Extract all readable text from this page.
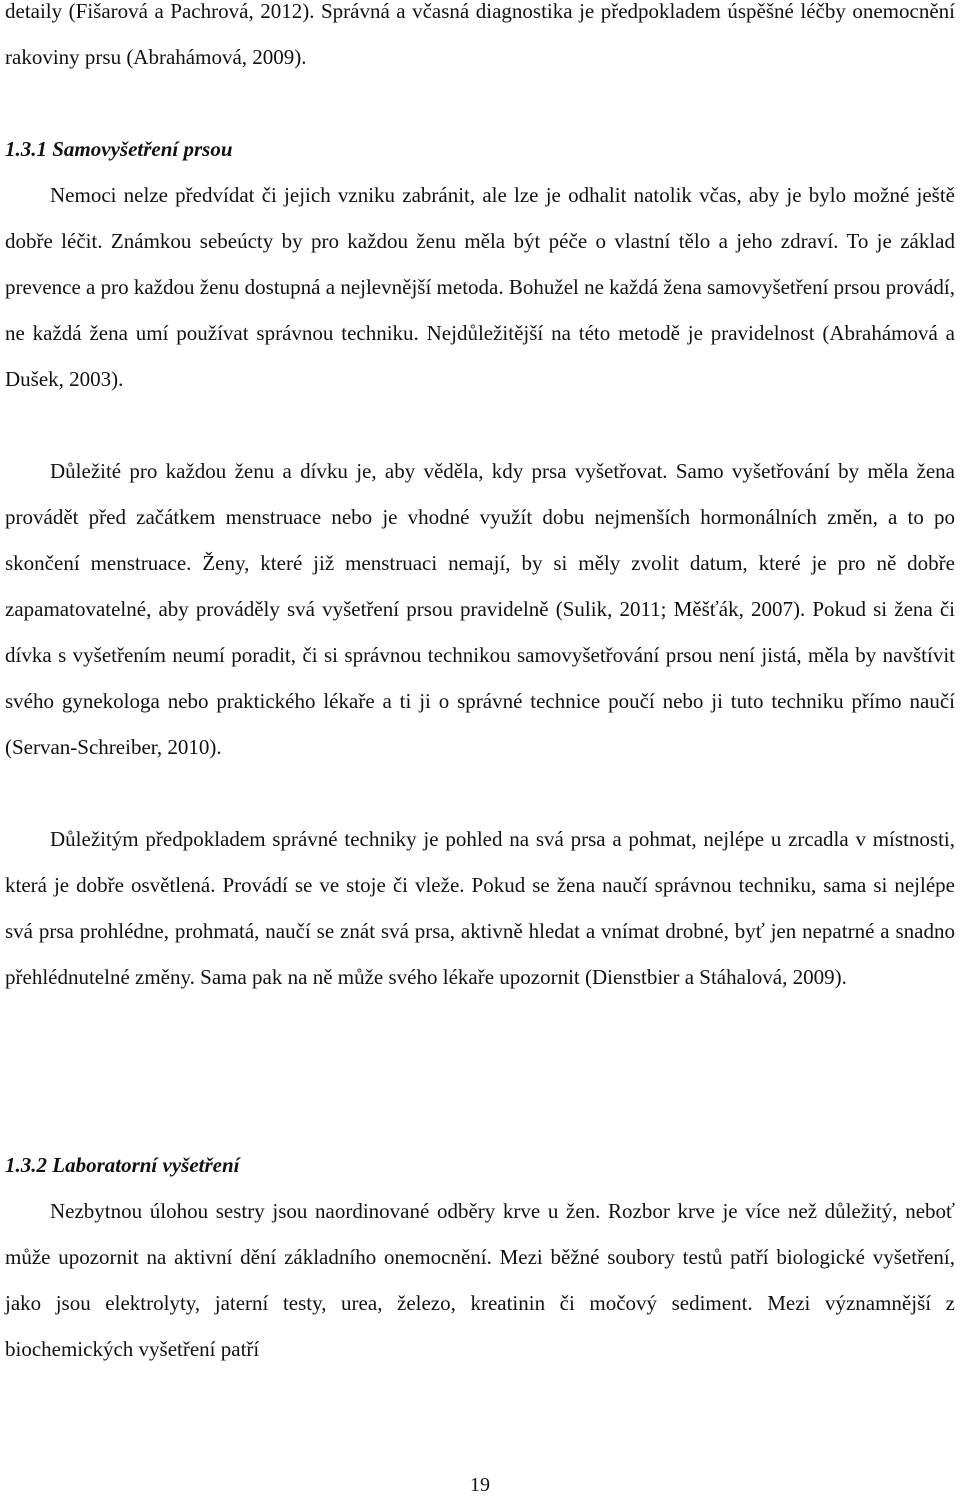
detaily (Fišarová a Pachrová, 2012). Správná a včasná diagnostika je předpokladem úspěšné léčby onemocnění rakoviny prsu (Abrahámová, 2009).

1.3.1 Samovyšetření prsou

Nemoci nelze předvídat či jejich vzniku zabránit, ale lze je odhalit natolik včas, aby je bylo možné ještě dobře léčit. Známkou sebeúcty by pro každou ženu měla být péče o vlastní tělo a jeho zdraví. To je základ prevence a pro každou ženu dostupná a nejlevnější metoda. Bohužel ne každá žena samovyšetření prsou provádí, ne každá žena umí používat správnou techniku. Nejdůležitější na této metodě je pravidelnost (Abrahámová a Dušek, 2003).

Důležité pro každou ženu a dívku je, aby věděla, kdy prsa vyšetřovat. Samo vyšetřování by měla žena provádět před začátkem menstruace nebo je vhodné využít dobu nejmenších hormonálních změn, a to po skončení menstruace. Ženy, které již menstruaci nemají, by si měly zvolit datum, které je pro ně dobře zapamatovatelné, aby prováděly svá vyšetření prsou pravidelně (Sulik, 2011; Měšťák, 2007). Pokud si žena či dívka s vyšetřením neumí poradit, či si správnou technikou samovyšetřování prsou není jistá, měla by navštívit svého gynekologa nebo praktického lékaře a ti ji o správné technice poučí nebo ji tuto techniku přímo naučí (Servan-Schreiber, 2010).

Důležitým předpokladem správné techniky je pohled na svá prsa a pohmat, nejlépe u zrcadla v místnosti, která je dobře osvětlená. Provádí se ve stoje či vleže. Pokud se žena naučí správnou techniku, sama si nejlépe svá prsa prohlédne, prohmatá, naučí se znát svá prsa, aktivně hledat a vnímat drobné, byť jen nepatrné a snadno přehlédnutelné změny. Sama pak na ně může svého lékaře upozornit (Dienstbier a Stáhalová, 2009).

1.3.2 Laboratorní vyšetření

Nezbytnou úlohou sestry jsou naordinované odběry krve u žen. Rozbor krve je více než důležitý, neboť může upozornit na aktivní dění základního onemocnění. Mezi běžné soubory testů patří biologické vyšetření, jako jsou elektrolyty, jaterní testy, urea, železo, kreatinin či močový sediment. Mezi významnější z biochemických vyšetření patří

19
